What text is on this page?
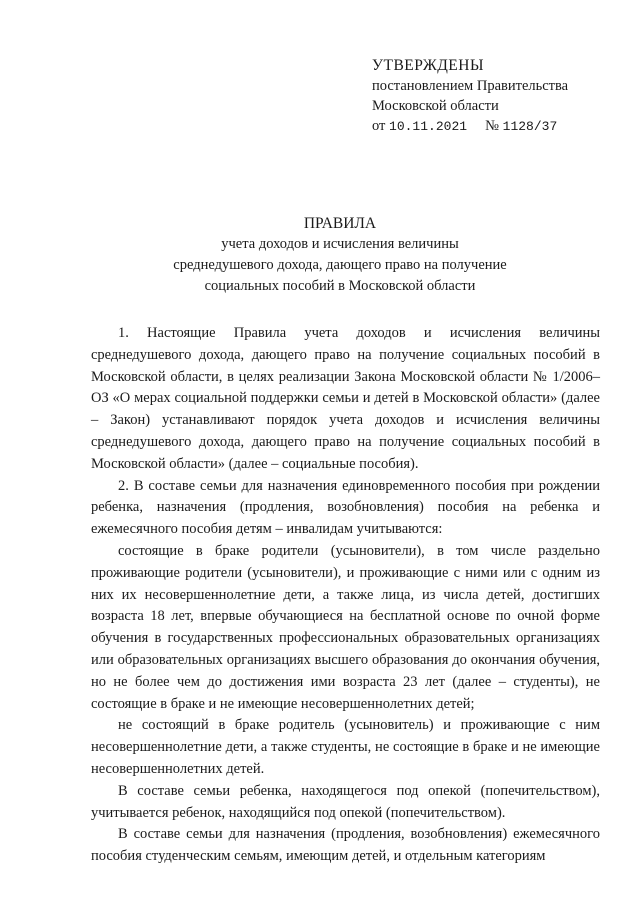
УТВЕРЖДЕНЫ
постановлением Правительства
Московской области
от 10.11.2021 № 1128/37
ПРАВИЛА
учета доходов и исчисления величины
среднедушевого дохода, дающего право на получение
социальных пособий в Московской области

1. Настоящие Правила учета доходов и исчисления величины среднедушевого дохода, дающего право на получение социальных пособий в Московской области, в целях реализации Закона Московской области № 1/2006–ОЗ «О мерах социальной поддержки семьи и детей в Московской области» (далее – Закон) устанавливают порядок учета доходов и исчисления величины среднедушевого дохода, дающего право на получение социальных пособий в Московской области» (далее – социальные пособия).

2. В составе семьи для назначения единовременного пособия при рождении ребенка, назначения (продления, возобновления) пособия на ребенка и ежемесячного пособия детям – инвалидам учитываются:

состоящие в браке родители (усыновители), в том числе раздельно проживающие родители (усыновители), и проживающие с ними или с одним из них их несовершеннолетние дети, а также лица, из числа детей, достигших возраста 18 лет, впервые обучающиеся на бесплатной основе по очной форме обучения в государственных профессиональных образовательных организациях или образовательных организациях высшего образования до окончания обучения, но не более чем до достижения ими возраста 23 лет (далее – студенты), не состоящие в браке и не имеющие несовершеннолетних детей;

не состоящий в браке родитель (усыновитель) и проживающие с ним несовершеннолетние дети, а также студенты, не состоящие в браке и не имеющие несовершеннолетних детей.

В составе семьи ребенка, находящегося под опекой (попечительством), учитывается ребенок, находящийся под опекой (попечительством).

В составе семьи для назначения (продления, возобновления) ежемесячного пособия студенческим семьям, имеющим детей, и отдельным категориям
